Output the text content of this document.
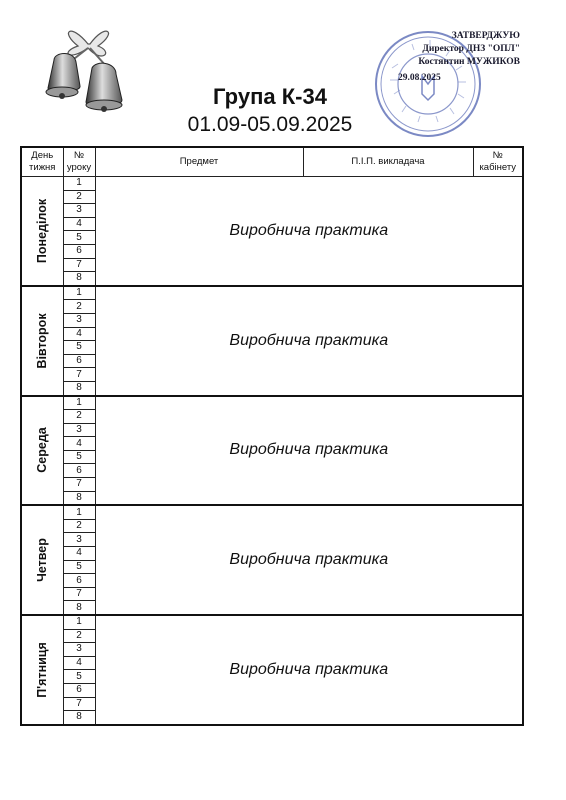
ЗАТВЕРДЖУЮ
Директор ДНЗ "ОПЛ"
Костянтин МУЖИКОВ
29.08.2025
Група К-34
01.09-05.09.2025
День тижня	№ уроку	Предмет	П.І.П. викладача	№ кабінету

Понеділок	1	Виробнича практика		
	2			
	3			
	4			
	5			
	6			
	7			
	8			

Вівторок	1	Виробнича практика		
	2			
	3			
	4			
	5			
	6			
	7			
	8			

Середа	1	Виробнича практика		
	2			
	3			
	4			
	5			
	6			
	7			
	8			

Четвер	1	Виробнича практика		
	2			
	3			
	4			
	5			
	6			
	7			
	8			

П'ятниця	1	Виробнича практика		
	2			
	3			
	4			
	5			
	6			
	7			
	8			
